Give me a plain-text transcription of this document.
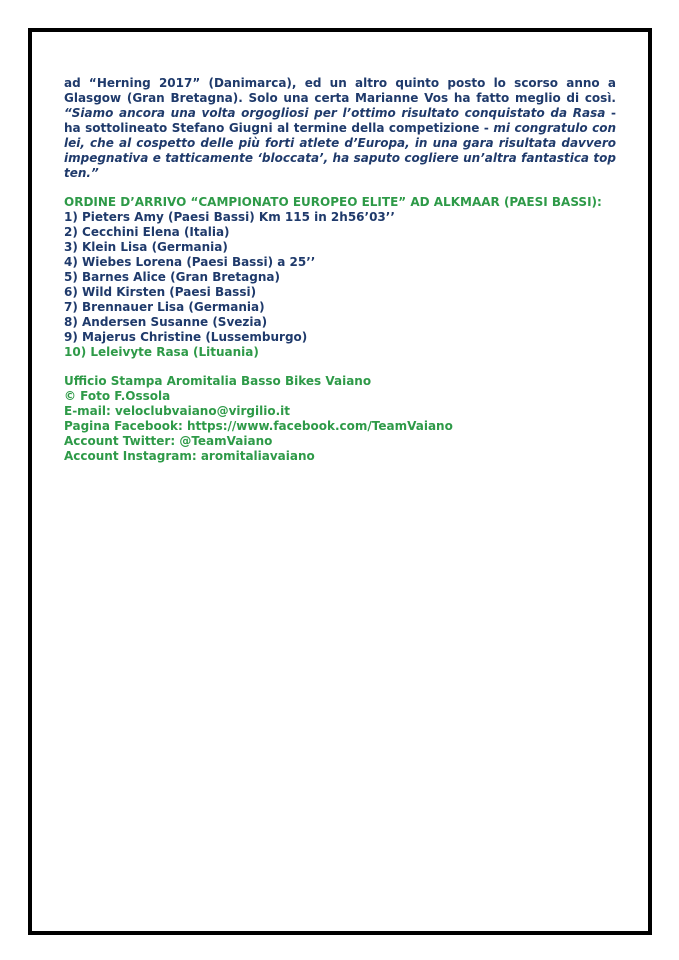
ad “Herning 2017” (Danimarca), ed un altro quinto posto lo scorso anno a Glasgow (Gran Bretagna). Solo una certa Marianne Vos ha fatto meglio di così. “Siamo ancora una volta orgogliosi per l’ottimo risultato conquistato da Rasa - ha sottolineato Stefano Giugni al termine della competizione - mi congratulo con lei, che al cospetto delle più forti atlete d’Europa, in una gara risultata davvero impegnativa e tatticamente ‘bloccata’, ha saputo cogliere un’altra fantastica top ten.”

ORDINE D’ARRIVO “CAMPIONATO EUROPEO ELITE” AD ALKMAAR (PAESI BASSI):
1) Pieters Amy (Paesi Bassi) Km 115 in 2h56’03’’
2) Cecchini Elena (Italia)
3) Klein Lisa (Germania)
4) Wiebes Lorena (Paesi Bassi) a 25’’
5) Barnes Alice (Gran Bretagna)
6) Wild Kirsten (Paesi Bassi)
7) Brennauer Lisa (Germania)
8) Andersen Susanne (Svezia)
9) Majerus Christine (Lussemburgo)
10) Leleivyte Rasa (Lituania)
Ufficio Stampa Aromitalia Basso Bikes Vaiano
© Foto F.Ossola
E-mail: veloclubvaiano@virgilio.it
Pagina Facebook: https://www.facebook.com/TeamVaiano
Account Twitter: @TeamVaiano
Account Instagram: aromitaliavaiano
